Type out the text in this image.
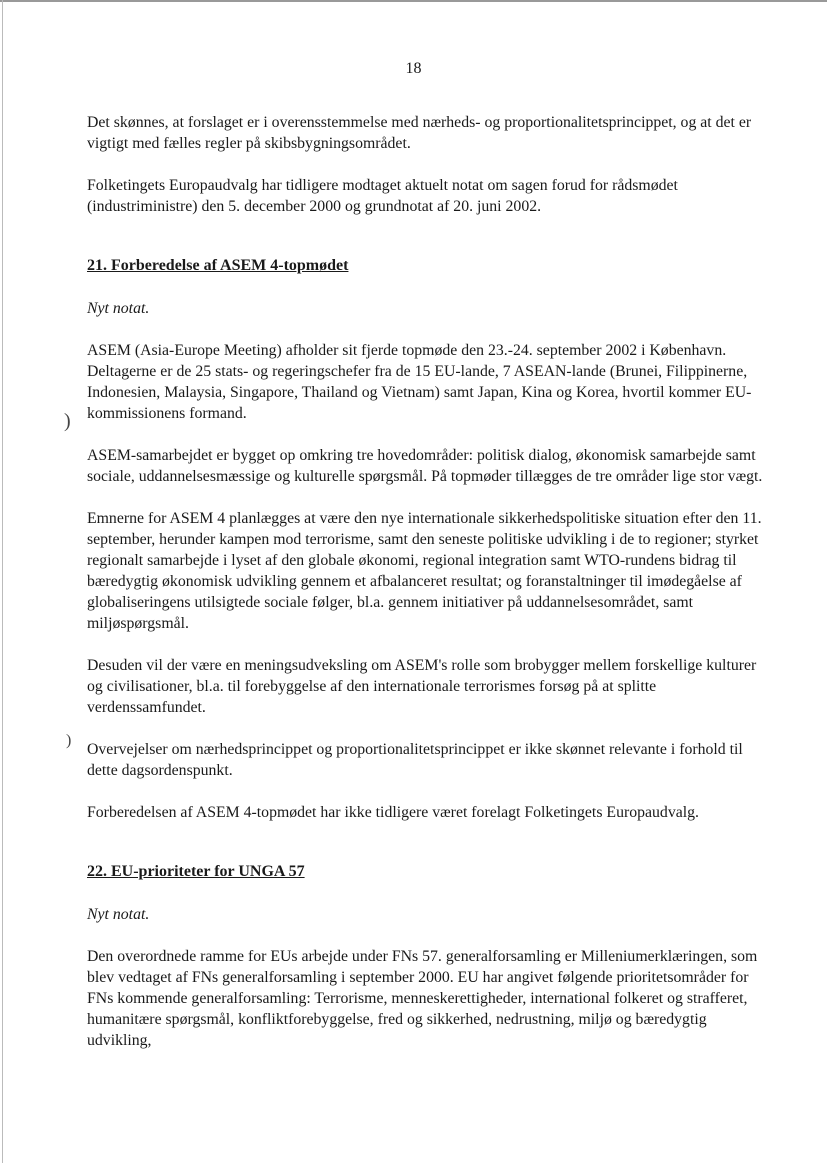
)
)
18

Det skønnes, at forslaget er i overensstemmelse med nærheds- og proportionalitetsprincippet, og at det er vigtigt med fælles regler på skibsbygningsområdet.

Folketingets Europaudvalg har tidligere modtaget aktuelt notat om sagen forud for rådsmødet (industriministre) den 5. december 2000 og grundnotat af 20. juni 2002.

21. Forberedelse af ASEM 4-topmødet
Nyt notat.

ASEM (Asia-Europe Meeting) afholder sit fjerde topmøde den 23.-24. september 2002 i København. Deltagerne er de 25 stats- og regeringschefer fra de 15 EU-lande, 7 ASEAN-lande (Brunei, Filippinerne, Indonesien, Malaysia, Singapore, Thailand og Vietnam) samt Japan, Kina og Korea, hvortil kommer EU-kommissionens formand.

ASEM-samarbejdet er bygget op omkring tre hovedområder: politisk dialog, økonomisk samarbejde samt sociale, uddannelsesmæssige og kulturelle spørgsmål. På topmøder tillægges de tre områder lige stor vægt.

Emnerne for ASEM 4 planlægges at være den nye internationale sikkerhedspolitiske situation efter den 11. september, herunder kampen mod terrorisme, samt den seneste politiske udvikling i de to regioner; styrket regionalt samarbejde i lyset af den globale økonomi, regional integration samt WTO-rundens bidrag til bæredygtig økonomisk udvikling gennem et afbalanceret resultat; og foranstaltninger til imødegåelse af globaliseringens utilsigtede sociale følger, bl.a. gennem initiativer på uddannelsesområdet, samt miljøspørgsmål.

Desuden vil der være en meningsudveksling om ASEM's rolle som brobygger mellem forskellige kulturer og civilisationer, bl.a. til forebyggelse af den internationale terrorismes forsøg på at splitte verdenssamfundet.

Overvejelser om nærhedsprincippet og proportionalitetsprincippet er ikke skønnet relevante i forhold til dette dagsordenspunkt.

Forberedelsen af ASEM 4-topmødet har ikke tidligere været forelagt Folketingets Europaudvalg.

22. EU-prioriteter for UNGA 57
Nyt notat.

Den overordnede ramme for EUs arbejde under FNs 57. generalforsamling er Milleniumerklæringen, som blev vedtaget af FNs generalforsamling i september 2000. EU har angivet følgende prioritetsområder for FNs kommende generalforsamling: Terrorisme, menneskerettigheder, international folkeret og strafferet, humanitære spørgsmål, konfliktforebyggelse, fred og sikkerhed, nedrustning, miljø og bæredygtig udvikling,
